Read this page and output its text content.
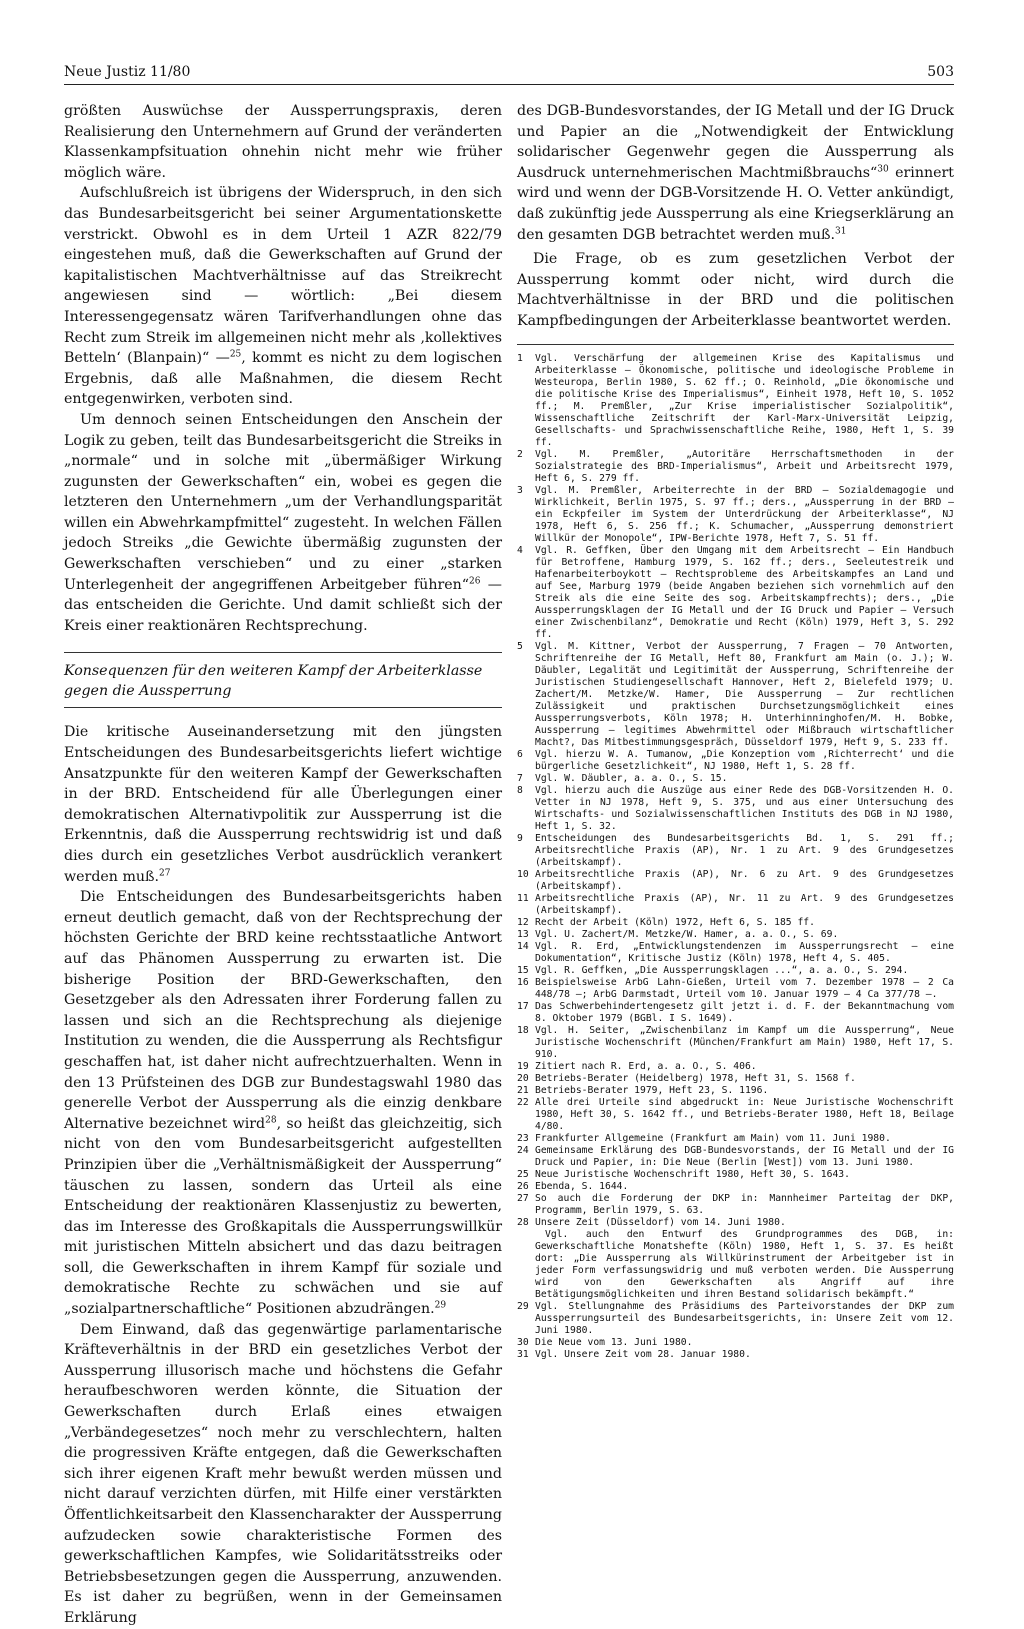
Neue Justiz 11/80	503

größten Auswüchse der Aussperrungspraxis, deren Realisierung den Unternehmern auf Grund der veränderten Klassenkampfsituation ohnehin nicht mehr wie früher möglich wäre.

Aufschlußreich ist übrigens der Widerspruch, in den sich das Bundesarbeitsgericht bei seiner Argumentationskette verstrickt. Obwohl es in dem Urteil 1 AZR 822/79 eingestehen muß, daß die Gewerkschaften auf Grund der kapitalistischen Machtverhältnisse auf das Streikrecht angewiesen sind — wörtlich: „Bei diesem Interessengegensatz wären Tarifverhandlungen ohne das Recht zum Streik im allgemeinen nicht mehr als ‚kollektives Betteln‘ (Blanpain)“ —$^{25}$, kommt es nicht zu dem logischen Ergebnis, daß alle Maßnahmen, die diesem Recht entgegenwirken, verboten sind.

Um dennoch seinen Entscheidungen den Anschein der Logik zu geben, teilt das Bundesarbeitsgericht die Streiks in „normale“ und in solche mit „übermäßiger Wirkung zugunsten der Gewerkschaften“ ein, wobei es gegen die letzteren den Unternehmern „um der Verhandlungsparität willen ein Abwehrkampfmittel“ zugesteht. In welchen Fällen jedoch Streiks „die Gewichte übermäßig zugunsten der Gewerkschaften verschieben“ und zu einer „starken Unterlegenheit der angegriffenen Arbeitgeber führen“$^{26}$ — das entscheiden die Gerichte. Und damit schließt sich der Kreis einer reaktionären Rechtsprechung.

Konsequenzen für den weiteren Kampf der Arbeiterklasse gegen die Aussperrung

Die kritische Auseinandersetzung mit den jüngsten Entscheidungen des Bundesarbeitsgerichts liefert wichtige Ansatzpunkte für den weiteren Kampf der Gewerkschaften in der BRD. Entscheidend für alle Überlegungen einer demokratischen Alternativpolitik zur Aussperrung ist die Erkenntnis, daß die Aussperrung rechtswidrig ist und daß dies durch ein gesetzliches Verbot ausdrücklich verankert werden muß.$^{27}$

Die Entscheidungen des Bundesarbeitsgerichts haben erneut deutlich gemacht, daß von der Rechtsprechung der höchsten Gerichte der BRD keine rechtsstaatliche Antwort auf das Phänomen Aussperrung zu erwarten ist. Die bisherige Position der BRD-Gewerkschaften, den Gesetzgeber als den Adressaten ihrer Forderung fallen zu lassen und sich an die Rechtsprechung als diejenige Institution zu wenden, die die Aussperrung als Rechtsfigur geschaffen hat, ist daher nicht aufrechtzuerhalten. Wenn in den 13 Prüfsteinen des DGB zur Bundestagswahl 1980 das generelle Verbot der Aussperrung als die einzig denkbare Alternative bezeichnet wird$^{28}$, so heißt das gleichzeitig, sich nicht von den vom Bundesarbeitsgericht aufgestellten Prinzipien über die „Verhältnismäßigkeit der Aussperrung“ täuschen zu lassen, sondern das Urteil als eine Entscheidung der reaktionären Klassenjustiz zu bewerten, das im Interesse des Großkapitals die Aussperrungswillkür mit juristischen Mitteln absichert und das dazu beitragen soll, die Gewerkschaften in ihrem Kampf für soziale und demokratische Rechte zu schwächen und sie auf „sozialpartnerschaftliche“ Positionen abzudrängen.$^{29}$

Dem Einwand, daß das gegenwärtige parlamentarische Kräfteverhältnis in der BRD ein gesetzliches Verbot der Aussperrung illusorisch mache und höchstens die Gefahr heraufbeschworen werden könnte, die Situation der Gewerkschaften durch Erlaß eines etwaigen „Verbändegesetzes“ noch mehr zu verschlechtern, halten die progressiven Kräfte entgegen, daß die Gewerkschaften sich ihrer eigenen Kraft mehr bewußt werden müssen und nicht darauf verzichten dürfen, mit Hilfe einer verstärkten Öffentlichkeitsarbeit den Klassencharakter der Aussperrung aufzudecken sowie charakteristische Formen des gewerkschaftlichen Kampfes, wie Solidaritätsstreiks oder Betriebsbesetzungen gegen die Aussperrung, anzuwenden. Es ist daher zu begrüßen, wenn in der Gemeinsamen Erklärung

des DGB-Bundesvorstandes, der IG Metall und der IG Druck und Papier an die „Notwendigkeit der Entwicklung solidarischer Gegenwehr gegen die Aussperrung als Ausdruck unternehmerischen Machtmißbrauchs“$^{30}$ erinnert wird und wenn der DGB-Vorsitzende H. O. Vetter ankündigt, daß zukünftig jede Aussperrung als eine Kriegserklärung an den gesamten DGB betrachtet werden muß.$^{31}$

Die Frage, ob es zum gesetzlichen Verbot der Aussperrung kommt oder nicht, wird durch die Machtverhältnisse in der BRD und die politischen Kampfbedingungen der Arbeiterklasse beantwortet werden.

1	Vgl. Verschärfung der allgemeinen Krise des Kapitalismus und Arbeiterklasse — Ökonomische, politische und ideologische Probleme in Westeuropa, Berlin 1980, S. 62 ff.; O. Reinhold, „Die ökonomische und die politische Krise des Imperialismus“, Einheit 1978, Heft 10, S. 1052 ff.; M. Premßler, „Zur Krise imperialistischer Sozialpolitik“, Wissenschaftliche Zeitschrift der Karl-Marx-Universität Leipzig, Gesellschafts- und Sprachwissenschaftliche Reihe, 1980, Heft 1, S. 39 ff.
2	Vgl. M. Premßler, „Autoritäre Herrschaftsmethoden in der Sozialstrategie des BRD-Imperialismus“, Arbeit und Arbeitsrecht 1979, Heft 6, S. 279 ff.
3	Vgl. M. Premßler, Arbeiterrechte in der BRD — Sozialdemagogie und Wirklichkeit, Berlin 1975, S. 97 ff.; ders., „Aussperrung in der BRD — ein Eckpfeiler im System der Unterdrückung der Arbeiterklasse“, NJ 1978, Heft 6, S. 256 ff.; K. Schumacher, „Aussperrung demonstriert Willkür der Monopole“, IPW-Berichte 1978, Heft 7, S. 51 ff.
4	Vgl. R. Geffken, Über den Umgang mit dem Arbeitsrecht — Ein Handbuch für Betroffene, Hamburg 1979, S. 162 ff.; ders., Seeleutestreik und Hafenarbeiterboykott — Rechtsprobleme des Arbeitskampfes an Land und auf See, Marburg 1979 (beide Angaben beziehen sich vornehmlich auf den Streik als die eine Seite des sog. Arbeitskampfrechts); ders., „Die Aussperrungsklagen der IG Metall und der IG Druck und Papier — Versuch einer Zwischenbilanz“, Demokratie und Recht (Köln) 1979, Heft 3, S. 292 ff.
5	Vgl. M. Kittner, Verbot der Aussperrung, 7 Fragen — 70 Antworten, Schriftenreihe der IG Metall, Heft 80, Frankfurt am Main (o. J.); W. Däubler, Legalität und Legitimität der Aussperrung, Schriftenreihe der Juristischen Studiengesellschaft Hannover, Heft 2, Bielefeld 1979; U. Zachert/M. Metzke/W. Hamer, Die Aussperrung — Zur rechtlichen Zulässigkeit und praktischen Durchsetzungsmöglichkeit eines Aussperrungsverbots, Köln 1978; H. Unterhinninghofen/M. H. Bobke, Aussperrung — legitimes Abwehrmittel oder Mißbrauch wirtschaftlicher Macht?, Das Mitbestimmungsgespräch, Düsseldorf 1979, Heft 9, S. 233 ff.
6	Vgl. hierzu W. A. Tumanow, „Die Konzeption vom ‚Richterrecht‘ und die bürgerliche Gesetzlichkeit“, NJ 1980, Heft 1, S. 28 ff.
7	Vgl. W. Däubler, a. a. O., S. 15.
8	Vgl. hierzu auch die Auszüge aus einer Rede des DGB-Vorsitzenden H. O. Vetter in NJ 1978, Heft 9, S. 375, und aus einer Untersuchung des Wirtschafts- und Sozialwissenschaftlichen Instituts des DGB in NJ 1980, Heft 1, S. 32.
9	Entscheidungen des Bundesarbeitsgerichts Bd. 1, S. 291 ff.; Arbeitsrechtliche Praxis (AP), Nr. 1 zu Art. 9 des Grundgesetzes (Arbeitskampf).
10 Arbeitsrechtliche Praxis (AP), Nr. 6 zu Art. 9 des Grundgesetzes (Arbeitskampf).
11 Arbeitsrechtliche Praxis (AP), Nr. 11 zu Art. 9 des Grundgesetzes (Arbeitskampf).
12 Recht der Arbeit (Köln) 1972, Heft 6, S. 185 ff.
13 Vgl. U. Zachert/M. Metzke/W. Hamer, a. a. O., S. 69.
14 Vgl. R. Erd, „Entwicklungstendenzen im Aussperrungsrecht — eine Dokumentation“, Kritische Justiz (Köln) 1978, Heft 4, S. 405.
15 Vgl. R. Geffken, „Die Aussperrungsklagen ...“, a. a. O., S. 294.
16 Beispielsweise ArbG Lahn-Gießen, Urteil vom 7. Dezember 1978 — 2 Ca 448/78 —; ArbG Darmstadt, Urteil vom 10. Januar 1979 — 4 Ca 377/78 —.
17 Das Schwerbehindertengesetz gilt jetzt i. d. F. der Bekanntmachung vom 8. Oktober 1979 (BGBl. I S. 1649).
18 Vgl. H. Seiter, „Zwischenbilanz im Kampf um die Aussperrung“, Neue Juristische Wochenschrift (München/Frankfurt am Main) 1980, Heft 17, S. 910.
19 Zitiert nach R. Erd, a. a. O., S. 406.
20 Betriebs-Berater (Heidelberg) 1978, Heft 31, S. 1568 f.
21 Betriebs-Berater 1979, Heft 23, S. 1196.
22 Alle drei Urteile sind abgedruckt in: Neue Juristische Wochenschrift 1980, Heft 30, S. 1642 ff., und Betriebs-Berater 1980, Heft 18, Beilage 4/80.
23 Frankfurter Allgemeine (Frankfurt am Main) vom 11. Juni 1980.
24 Gemeinsame Erklärung des DGB-Bundesvorstands, der IG Metall und der IG Druck und Papier, in: Die Neue (Berlin [West]) vom 13. Juni 1980.
25 Neue Juristische Wochenschrift 1980, Heft 30, S. 1643.
26 Ebenda, S. 1644.
27 So auch die Forderung der DKP in: Mannheimer Parteitag der DKP, Programm, Berlin 1979, S. 63.
28 Unsere Zeit (Düsseldorf) vom 14. Juni 1980.
Vgl. auch den Entwurf des Grundprogrammes des DGB, in: Gewerkschaftliche Monatshefte (Köln) 1980, Heft 1, S. 37. Es heißt dort: „Die Aussperrung als Willkürinstrument der Arbeitgeber ist in jeder Form verfassungswidrig und muß verboten werden. Die Aussperrung wird von den Gewerkschaften als Angriff auf ihre Betätigungsmöglichkeiten und ihren Bestand solidarisch bekämpft.“
29 Vgl. Stellungnahme des Präsidiums des Parteivorstandes der DKP zum Aussperrungsurteil des Bundesarbeitsgerichts, in: Unsere Zeit vom 12. Juni 1980.
30 Die Neue vom 13. Juni 1980.
31 Vgl. Unsere Zeit vom 28. Januar 1980.
